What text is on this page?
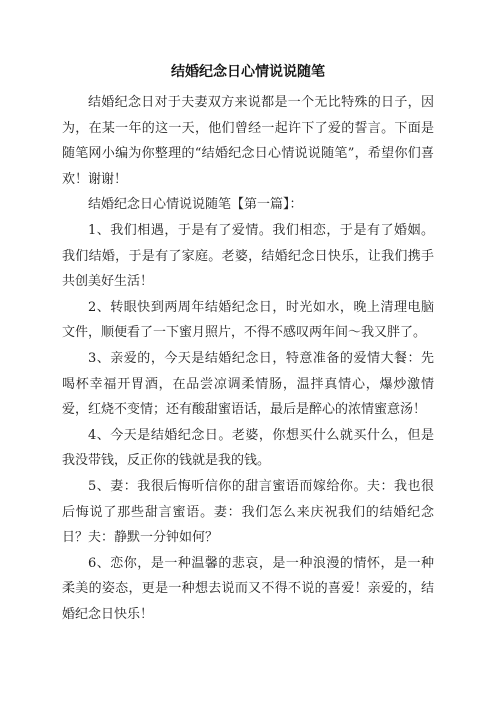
结婚纪念日心情说说随笔

结婚纪念日对于夫妻双方来说都是一个无比特殊的日子，因为，在某一年的这一天，他们曾经一起许下了爱的誓言。下面是随笔网小编为你整理的“结婚纪念日心情说说随笔”，希望你们喜欢！谢谢！

结婚纪念日心情说说随笔【第一篇】：

1、我们相遇，于是有了爱情。我们相恋，于是有了婚姻。我们结婚，于是有了家庭。老婆，结婚纪念日快乐，让我们携手共创美好生活！

2、转眼快到两周年结婚纪念日，时光如水，晚上清理电脑文件，顺便看了一下蜜月照片，不得不感叹两年间～我又胖了。

3、亲爱的，今天是结婚纪念日，特意准备的爱情大餐：先喝杯幸福开胃酒，在品尝凉调柔情肠，温拌真情心，爆炒激情爱，红烧不变情；还有酸甜蜜语话，最后是醉心的浓情蜜意汤！

4、今天是结婚纪念日。老婆，你想买什么就买什么，但是我没带钱，反正你的钱就是我的钱。

5、妻：我很后悔听信你的甜言蜜语而嫁给你。夫：我也很后悔说了那些甜言蜜语。妻：我们怎么来庆祝我们的结婚纪念日？夫：静默一分钟如何？

6、恋你，是一种温馨的悲哀，是一种浪漫的情怀，是一种柔美的姿态，更是一种想去说而又不得不说的喜爱！亲爱的，结婚纪念日快乐！
